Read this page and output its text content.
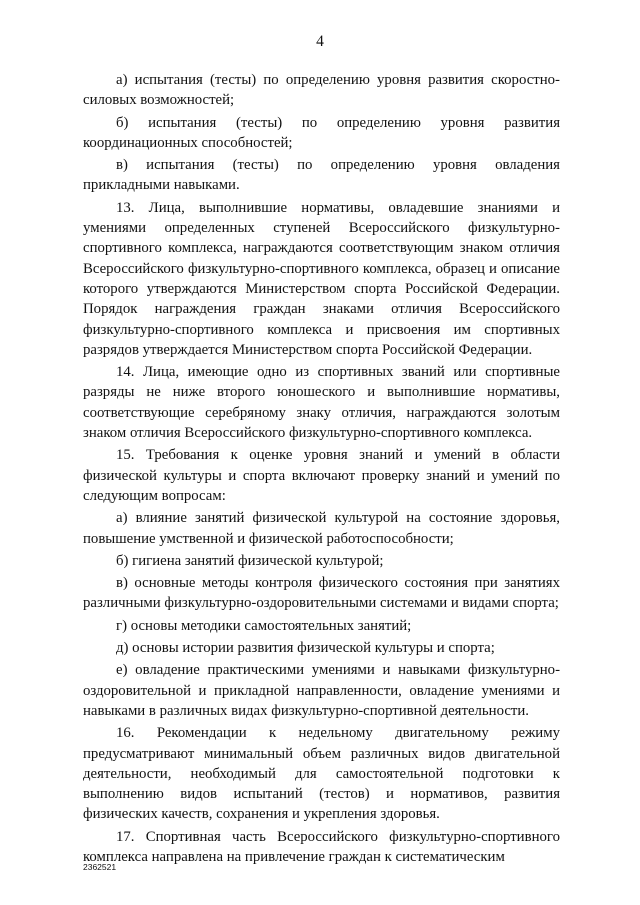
4

а) испытания (тесты) по определению уровня развития скоростно-силовых возможностей;

б) испытания (тесты) по определению уровня развития координационных способностей;

в) испытания (тесты) по определению уровня овладения прикладными навыками.

13. Лица, выполнившие нормативы, овладевшие знаниями и умениями определенных ступеней Всероссийского физкультурно-спортивного комплекса, награждаются соответствующим знаком отличия Всероссийского физкультурно-спортивного комплекса, образец и описание которого утверждаются Министерством спорта Российской Федерации. Порядок награждения граждан знаками отличия Всероссийского физкультурно-спортивного комплекса и присвоения им спортивных разрядов утверждается Министерством спорта Российской Федерации.

14. Лица, имеющие одно из спортивных званий или спортивные разряды не ниже второго юношеского и выполнившие нормативы, соответствующие серебряному знаку отличия, награждаются золотым знаком отличия Всероссийского физкультурно-спортивного комплекса.

15. Требования к оценке уровня знаний и умений в области физической культуры и спорта включают проверку знаний и умений по следующим вопросам:

а) влияние занятий физической культурой на состояние здоровья, повышение умственной и физической работоспособности;

б) гигиена занятий физической культурой;

в) основные методы контроля физического состояния при занятиях различными физкультурно-оздоровительными системами и видами спорта;

г) основы методики самостоятельных занятий;

д) основы истории развития физической культуры и спорта;

е) овладение практическими умениями и навыками физкультурно-оздоровительной и прикладной направленности, овладение умениями и навыками в различных видах физкультурно-спортивной деятельности.

16. Рекомендации к недельному двигательному режиму предусматривают минимальный объем различных видов двигательной деятельности, необходимый для самостоятельной подготовки к выполнению видов испытаний (тестов) и нормативов, развития физических качеств, сохранения и укрепления здоровья.

17. Спортивная часть Всероссийского физкультурно-спортивного комплекса направлена на привлечение граждан к систематическим

2362521
